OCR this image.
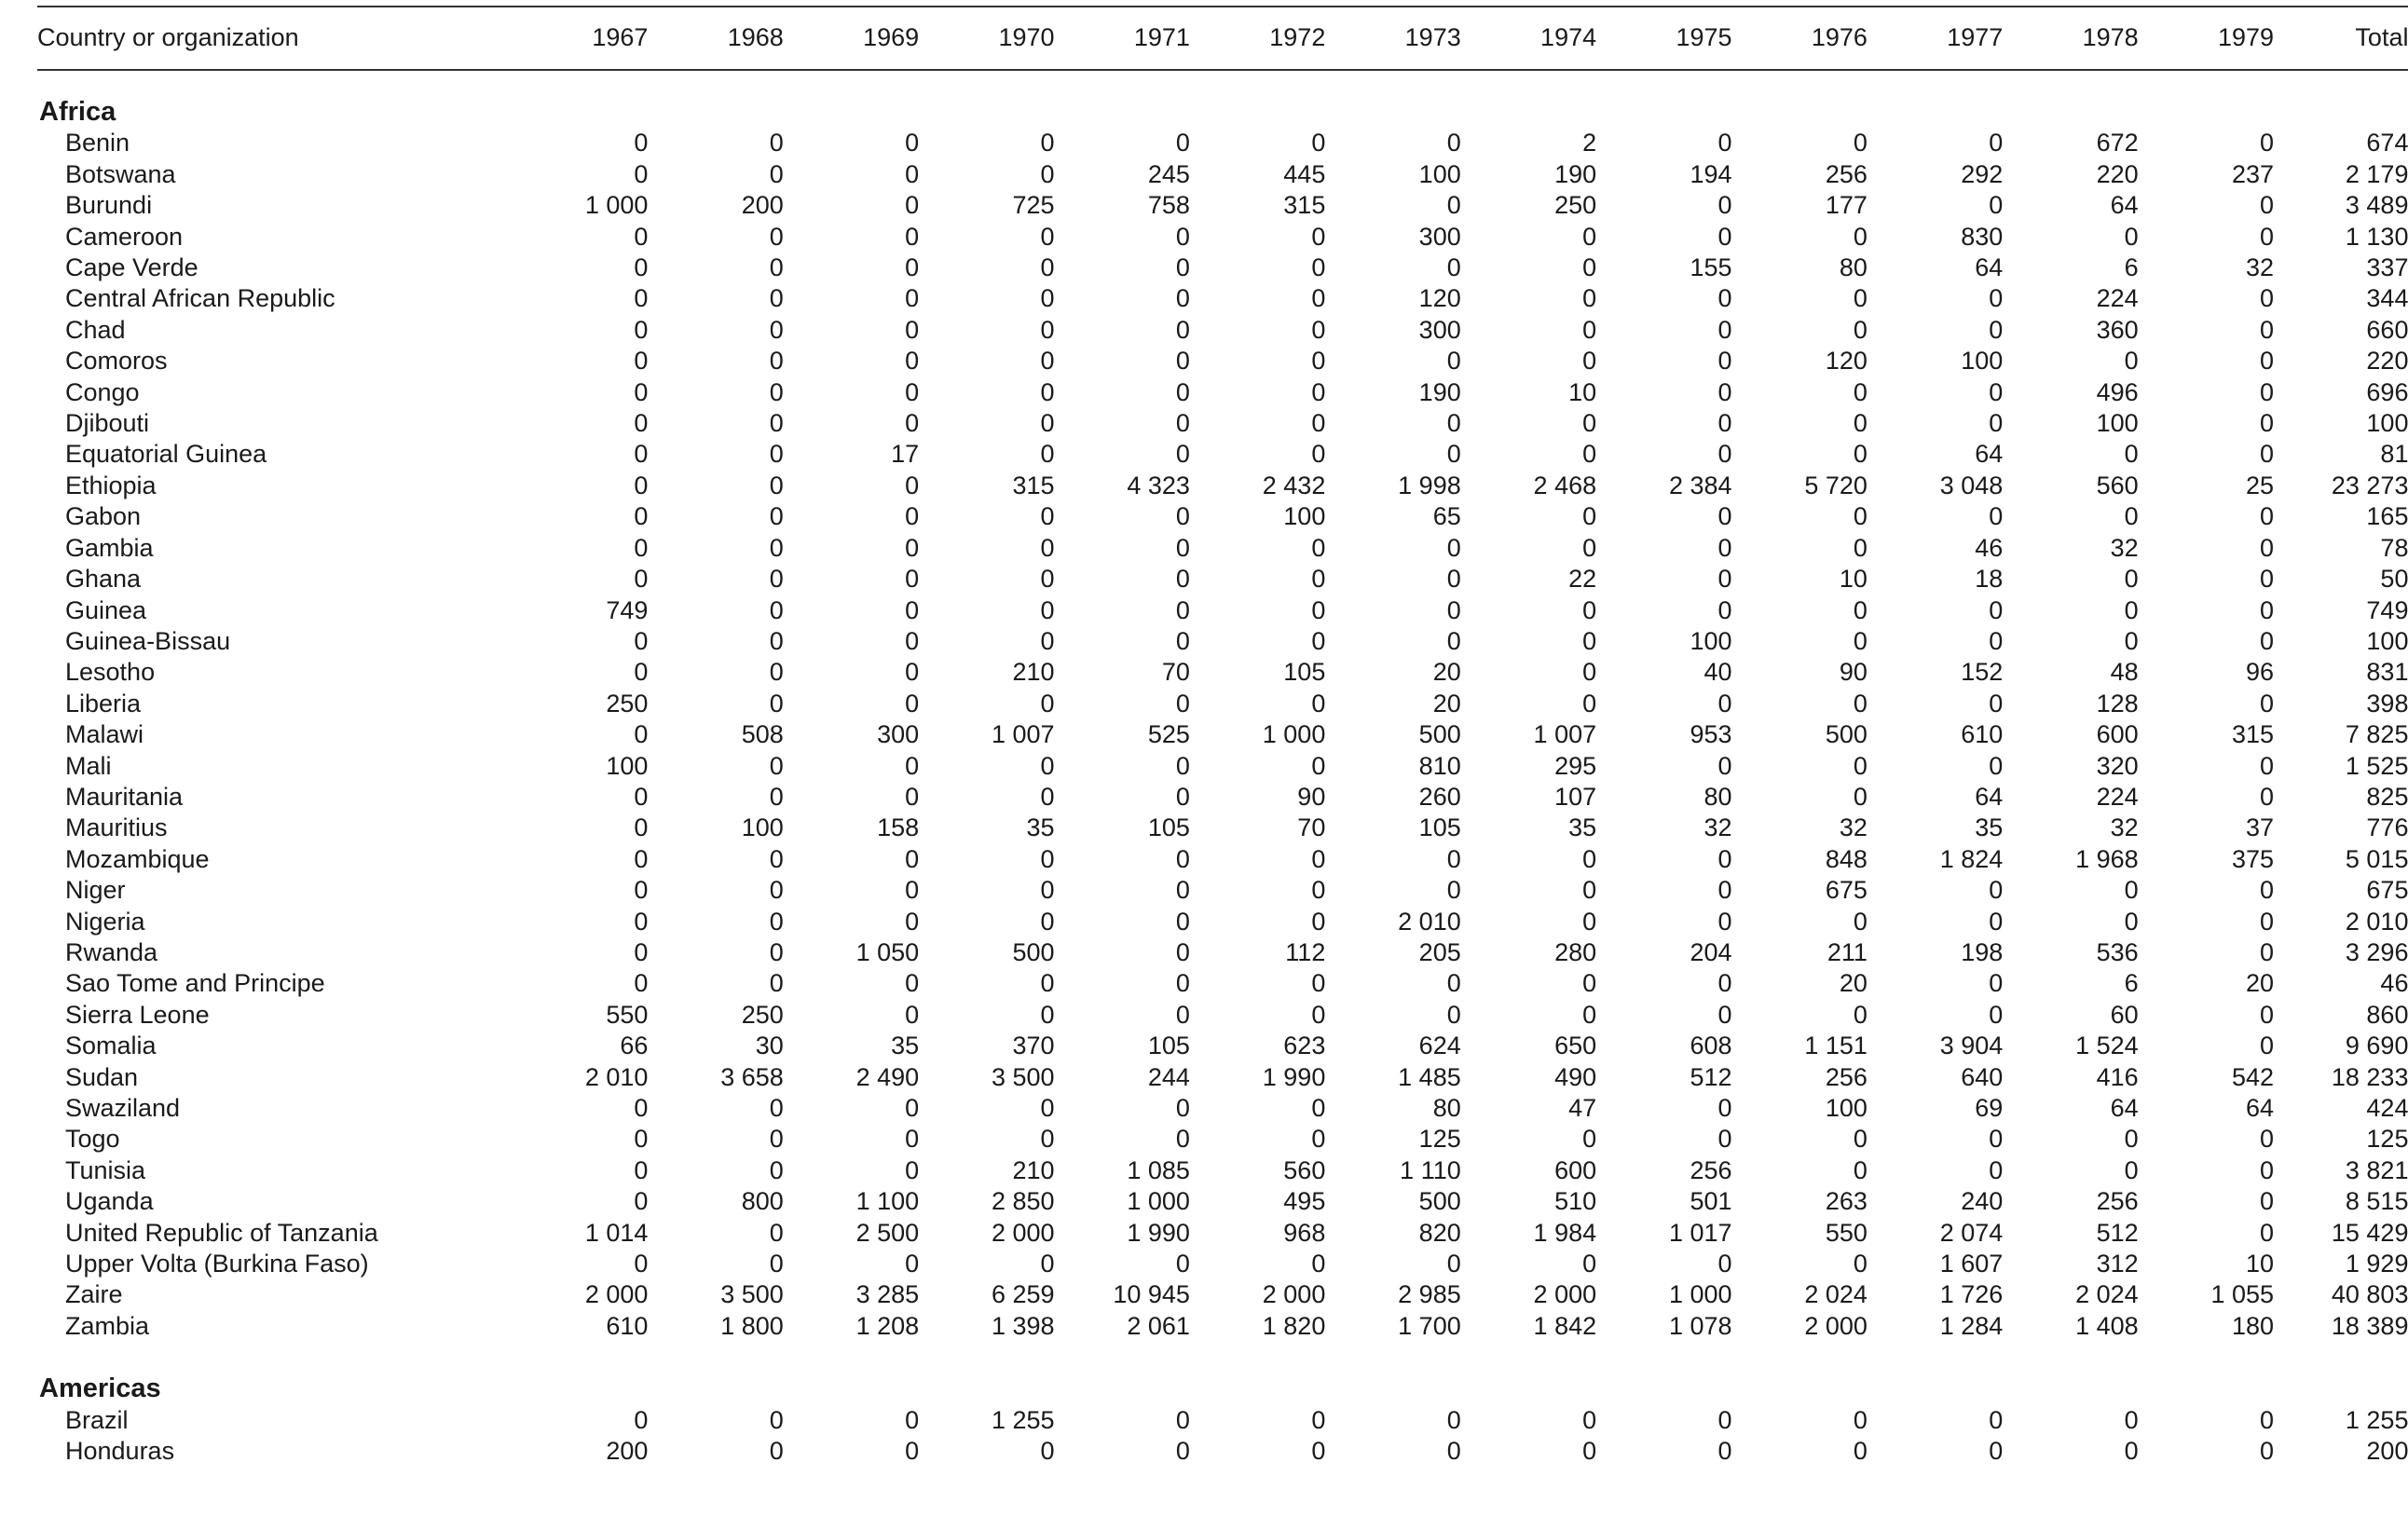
Country or organization	1967	1968	1969	1970	1971	1972	1973	1974	1975	1976	1977	1978	1979	Total

Africa														
Benin	0	0	0	0	0	0	0	2	0	0	0	672	0	674
Botswana	0	0	0	0	245	445	100	190	194	256	292	220	237	2 179
Burundi	1 000	200	0	725	758	315	0	250	0	177	0	64	0	3 489
Cameroon	0	0	0	0	0	0	300	0	0	0	830	0	0	1 130
Cape Verde	0	0	0	0	0	0	0	0	155	80	64	6	32	337
Central African Republic	0	0	0	0	0	0	120	0	0	0	0	224	0	344
Chad	0	0	0	0	0	0	300	0	0	0	0	360	0	660
Comoros	0	0	0	0	0	0	0	0	0	120	100	0	0	220
Congo	0	0	0	0	0	0	190	10	0	0	0	496	0	696
Djibouti	0	0	0	0	0	0	0	0	0	0	0	100	0	100
Equatorial Guinea	0	0	17	0	0	0	0	0	0	0	64	0	0	81
Ethiopia	0	0	0	315	4 323	2 432	1 998	2 468	2 384	5 720	3 048	560	25	23 273
Gabon	0	0	0	0	0	100	65	0	0	0	0	0	0	165
Gambia	0	0	0	0	0	0	0	0	0	0	46	32	0	78
Ghana	0	0	0	0	0	0	0	22	0	10	18	0	0	50
Guinea	749	0	0	0	0	0	0	0	0	0	0	0	0	749
Guinea-Bissau	0	0	0	0	0	0	0	0	100	0	0	0	0	100
Lesotho	0	0	0	210	70	105	20	0	40	90	152	48	96	831
Liberia	250	0	0	0	0	0	20	0	0	0	0	128	0	398
Malawi	0	508	300	1 007	525	1 000	500	1 007	953	500	610	600	315	7 825
Mali	100	0	0	0	0	0	810	295	0	0	0	320	0	1 525
Mauritania	0	0	0	0	0	90	260	107	80	0	64	224	0	825
Mauritius	0	100	158	35	105	70	105	35	32	32	35	32	37	776
Mozambique	0	0	0	0	0	0	0	0	0	848	1 824	1 968	375	5 015
Niger	0	0	0	0	0	0	0	0	0	675	0	0	0	675
Nigeria	0	0	0	0	0	0	2 010	0	0	0	0	0	0	2 010
Rwanda	0	0	1 050	500	0	112	205	280	204	211	198	536	0	3 296
Sao Tome and Principe	0	0	0	0	0	0	0	0	0	20	0	6	20	46
Sierra Leone	550	250	0	0	0	0	0	0	0	0	0	60	0	860
Somalia	66	30	35	370	105	623	624	650	608	1 151	3 904	1 524	0	9 690
Sudan	2 010	3 658	2 490	3 500	244	1 990	1 485	490	512	256	640	416	542	18 233
Swaziland	0	0	0	0	0	0	80	47	0	100	69	64	64	424
Togo	0	0	0	0	0	0	125	0	0	0	0	0	0	125
Tunisia	0	0	0	210	1 085	560	1 110	600	256	0	0	0	0	3 821
Uganda	0	800	1 100	2 850	1 000	495	500	510	501	263	240	256	0	8 515
United Republic of Tanzania	1 014	0	2 500	2 000	1 990	968	820	1 984	1 017	550	2 074	512	0	15 429
Upper Volta (Burkina Faso)	0	0	0	0	0	0	0	0	0	0	1 607	312	10	1 929
Zaire	2 000	3 500	3 285	6 259	10 945	2 000	2 985	2 000	1 000	2 024	1 726	2 024	1 055	40 803
Zambia	610	1 800	1 208	1 398	2 061	1 820	1 700	1 842	1 078	2 000	1 284	1 408	180	18 389

Americas														
Brazil	0	0	0	1 255	0	0	0	0	0	0	0	0	0	1 255
Honduras	200	0	0	0	0	0	0	0	0	0	0	0	0	200
